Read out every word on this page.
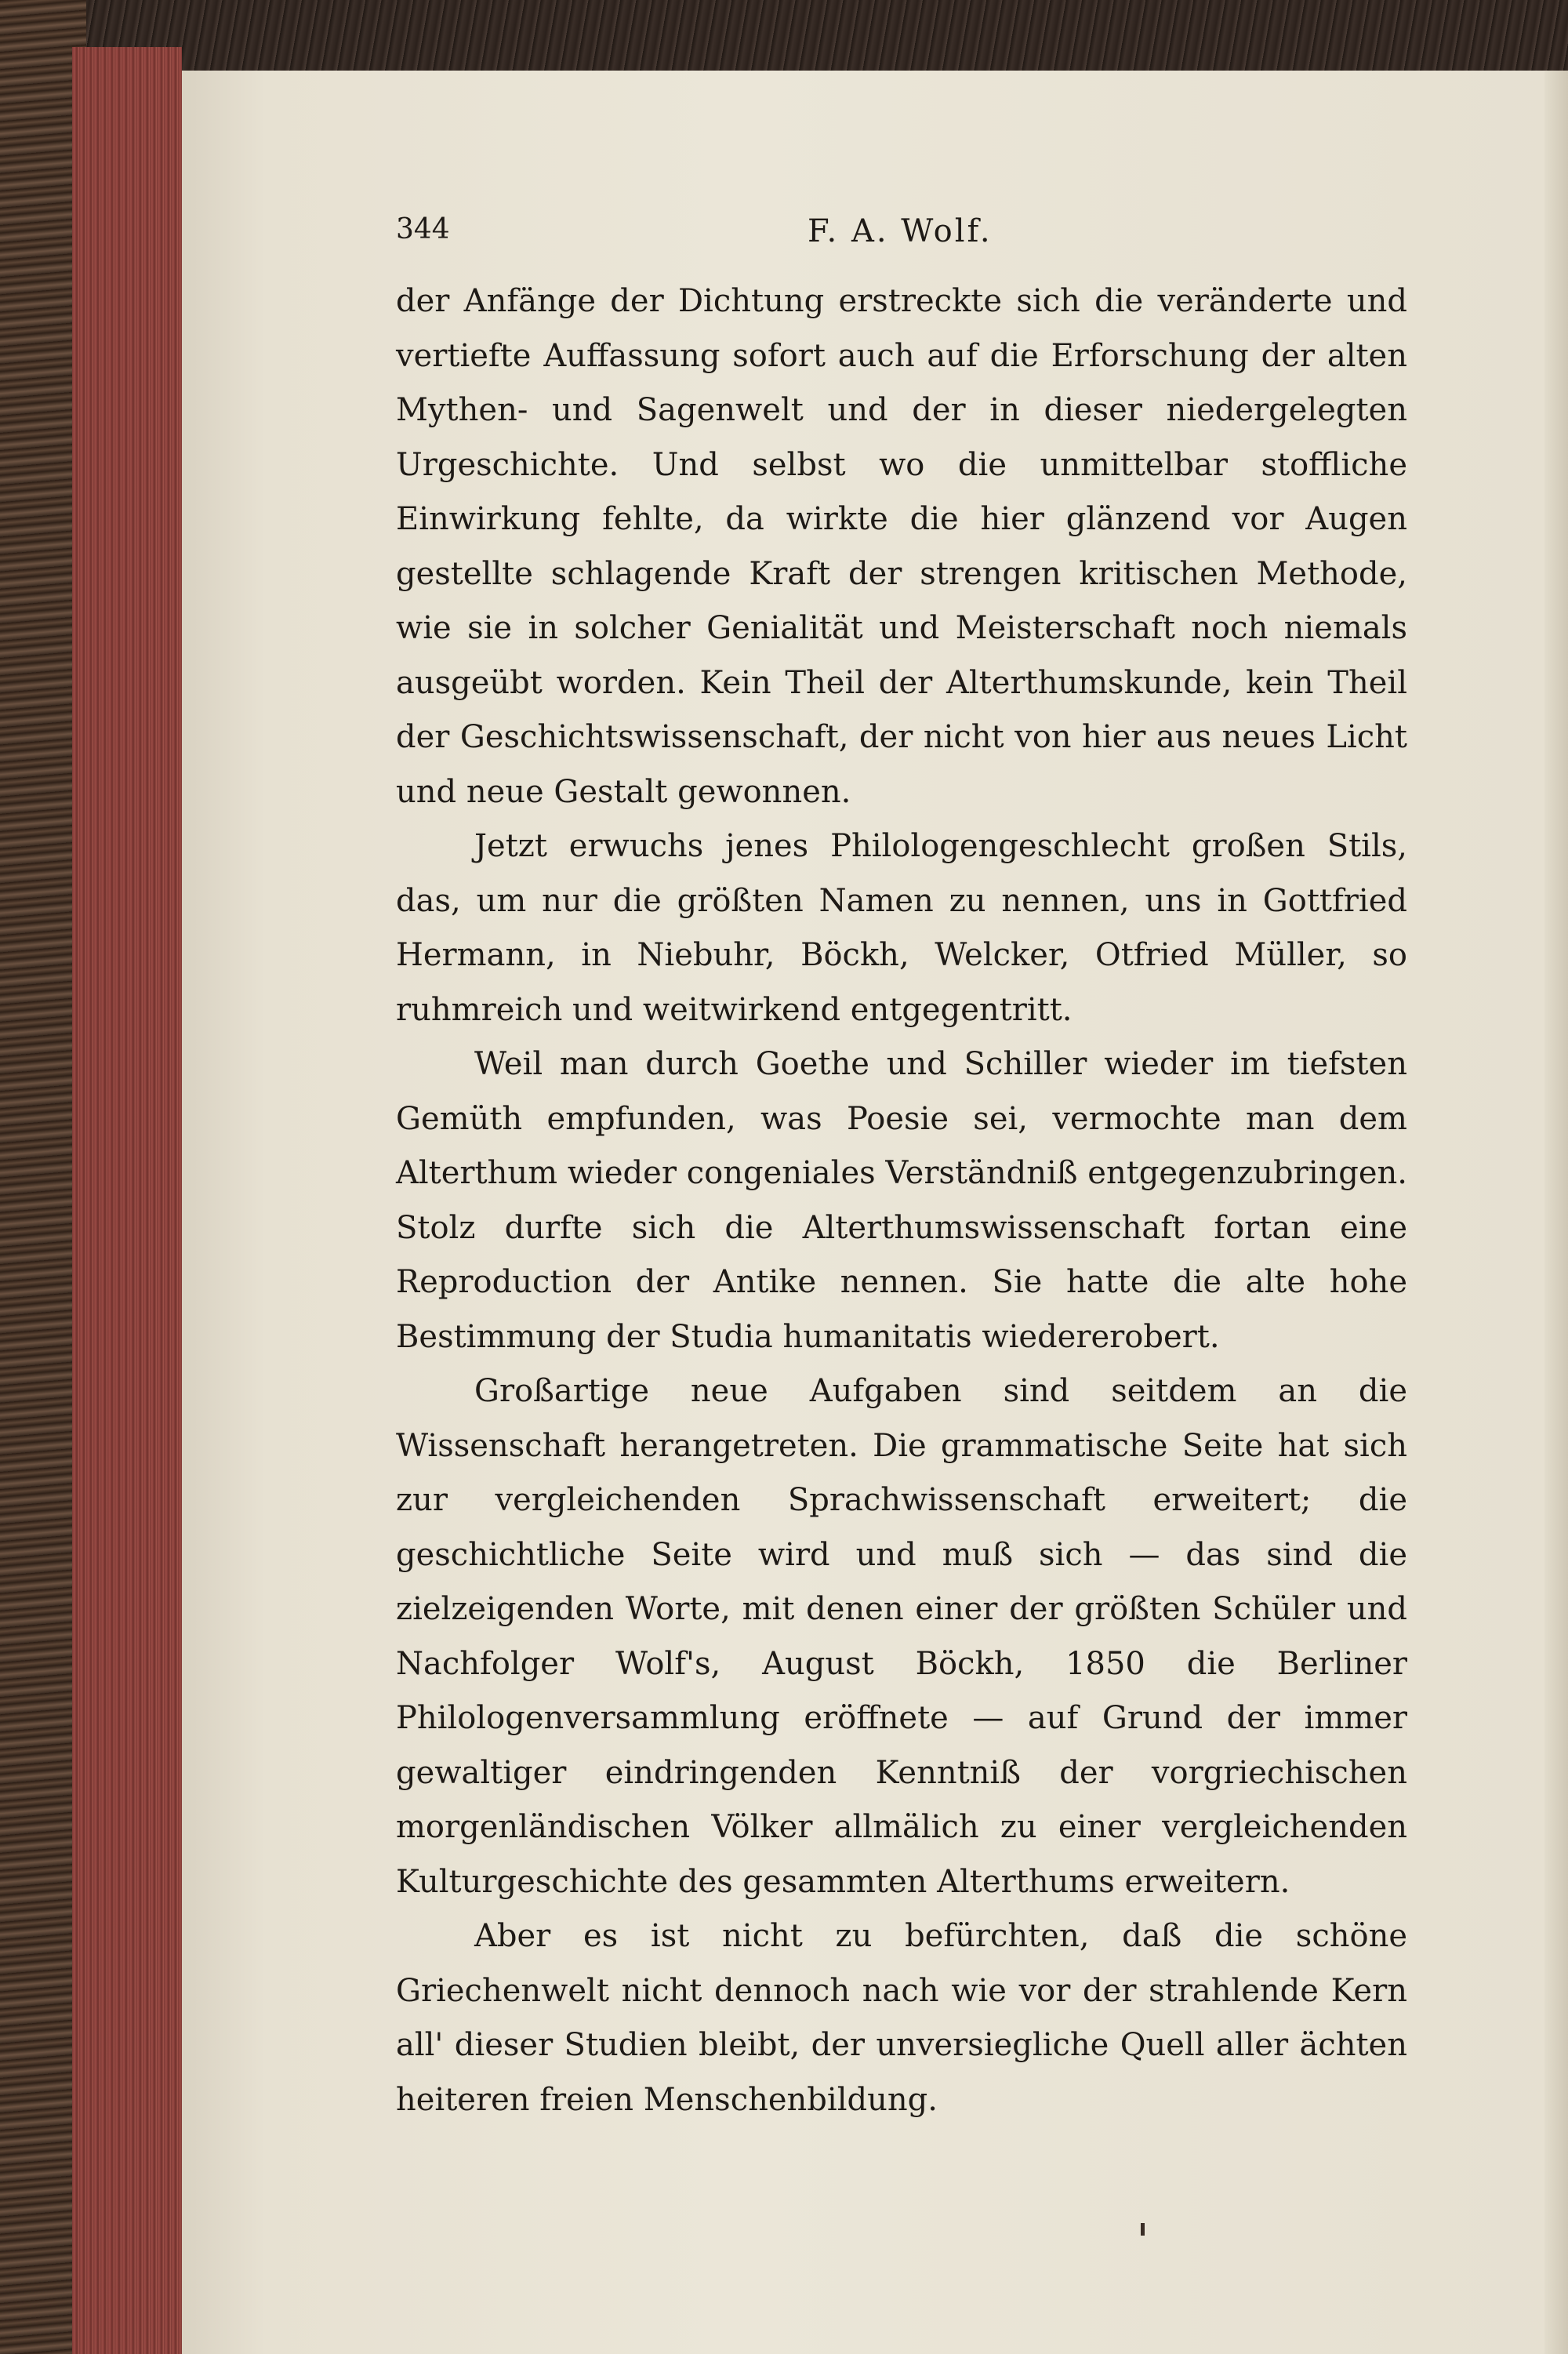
344	F. A. Wolf.

der Anfänge der Dichtung erstreckte sich die veränderte und vertiefte Auffassung sofort auch auf die Erforschung der alten Mythen- und Sagenwelt und der in dieser niedergelegten Urgeschichte. Und selbst wo die unmittelbar stoffliche Einwirkung fehlte, da wirkte die hier glänzend vor Augen gestellte schlagende Kraft der strengen kritischen Methode, wie sie in solcher Genialität und Meisterschaft noch niemals ausgeübt worden. Kein Theil der Alterthumskunde, kein Theil der Geschichtswissenschaft, der nicht von hier aus neues Licht und neue Gestalt gewonnen.

Jetzt erwuchs jenes Philologengeschlecht großen Stils, das, um nur die größten Namen zu nennen, uns in Gottfried Hermann, in Niebuhr, Böckh, Welcker, Otfried Müller, so ruhmreich und weitwirkend entgegentritt.

Weil man durch Goethe und Schiller wieder im tiefsten Gemüth empfunden, was Poesie sei, vermochte man dem Alterthum wieder congeniales Verständniß entgegenzubringen. Stolz durfte sich die Alterthumswissenschaft fortan eine Reproduction der Antike nennen. Sie hatte die alte hohe Bestimmung der Studia humanitatis wiedererobert.

Großartige neue Aufgaben sind seitdem an die Wissenschaft herangetreten. Die grammatische Seite hat sich zur vergleichenden Sprachwissenschaft erweitert; die geschichtliche Seite wird und muß sich — das sind die zielzeigenden Worte, mit denen einer der größten Schüler und Nachfolger Wolf's, August Böckh, 1850 die Berliner Philologenversammlung eröffnete — auf Grund der immer gewaltiger eindringenden Kenntniß der vorgriechischen morgenländischen Völker allmälich zu einer vergleichenden Kulturgeschichte des gesammten Alterthums erweitern.

Aber es ist nicht zu befürchten, daß die schöne Griechenwelt nicht dennoch nach wie vor der strahlende Kern all' dieser Studien bleibt, der unversiegliche Quell aller ächten heiteren freien Menschenbildung.
